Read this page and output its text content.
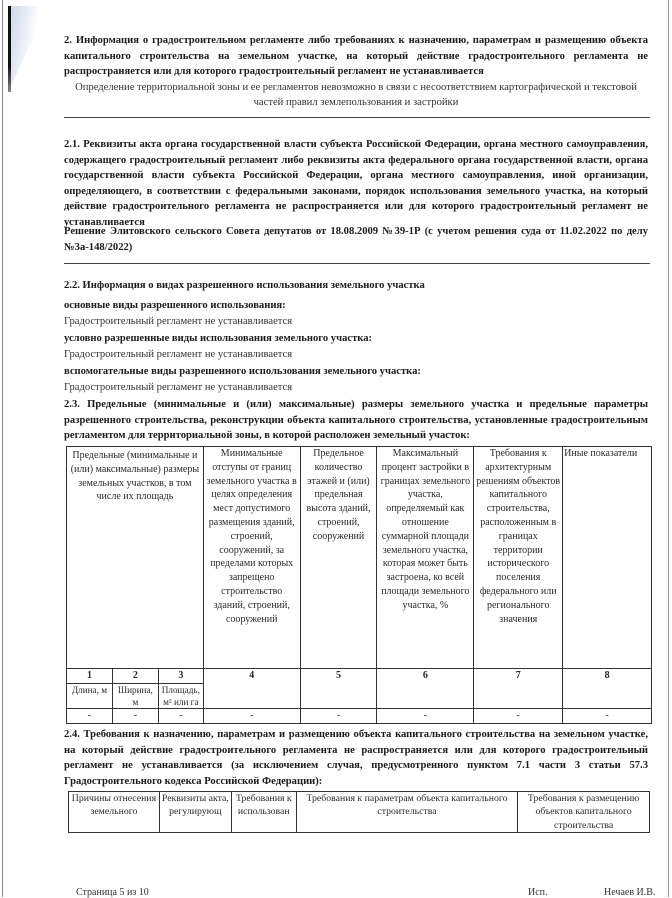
2. Информация о градостроительном регламенте либо требованиях к назначению, параметрам и размещению объекта капитального строительства на земельном участке, на который действие градостроительного регламента не распространяется или для которого градостроительный регламент не устанавливается

Определение территориальной зоны и ее регламентов невозможно в связи с несоответствием картографической и текстовой частей правил землепользования и застройки

2.1. Реквизиты акта органа государственной власти субъекта Российской Федерации, органа местного самоуправления, содержащего градостроительный регламент либо реквизиты акта федерального органа государственной власти, органа государственной власти субъекта Российской Федерации, органа местного самоуправления, иной организации, определяющего, в соответствии с федеральными законами, порядок использования земельного участка, на который действие градостроительного регламента не распространяется или для которого градостроительный регламент не устанавливается

Решение Элитовского сельского Совета депутатов от 18.08.2009 №39-1Р (с учетом решения суда от 11.02.2022 по делу №3а-148/2022)

2.2. Информация о видах разрешенного использования земельного участка

основные виды разрешенного использования:

Градостроительный регламент не устанавливается

условно разрешенные виды использования земельного участка:

Градостроительный регламент не устанавливается

вспомогательные виды разрешенного использования земельного участка:

Градостроительный регламент не устанавливается

2.3. Предельные (минимальные и (или) максимальные) размеры земельного участка и предельные параметры разрешенного строительства, реконструкции объекта капитального строительства, установленные градостроительным регламентом для территориальной зоны, в которой расположен земельный участок:

Предельные (минимальные и (или) максимальные) размеры земельных участков, в том числе их площадь			Минимальные отступы от границ земельного участка в целях определения мест допустимого размещения зданий, строений, сооружений, за пределами которых запрещено строительство зданий, строений, сооружений	Предельное количество этажей и (или) предельная высота зданий, строений, сооружений	Максимальный процент застройки в границах земельного участка, определяемый как отношение суммарной площади земельного участка, которая может быть застроена, ко всей площади земельного участка, %	Требования к архитектурным решениям объектов капитального строительства, расположенным в границах территории исторического поселения федерального или регионального значения	Иные показатели
1	2	3	4	5	6	7	8
Длина, м	Ширина, м	Площадь, м² или га					
-	-	-	-	-	-	-	-

2.4. Требования к назначению, параметрам и размещению объекта капитального строительства на земельном участке, на который действие градостроительного регламента не распространяется или для которого градостроительный регламент не устанавливается (за исключением случая, предусмотренного пунктом 7.1 части 3 статьи 57.3 Градостроительного кодекса Российской Федерации):

Причины отнесения земельного	Реквизиты акта, регулирующ	Требования к использован	Требования к параметрам объекта капитального строительства	Требования к размещению объектов капитального строительства
Страница 5 из 10	Исп.	Нечаев И.В.
